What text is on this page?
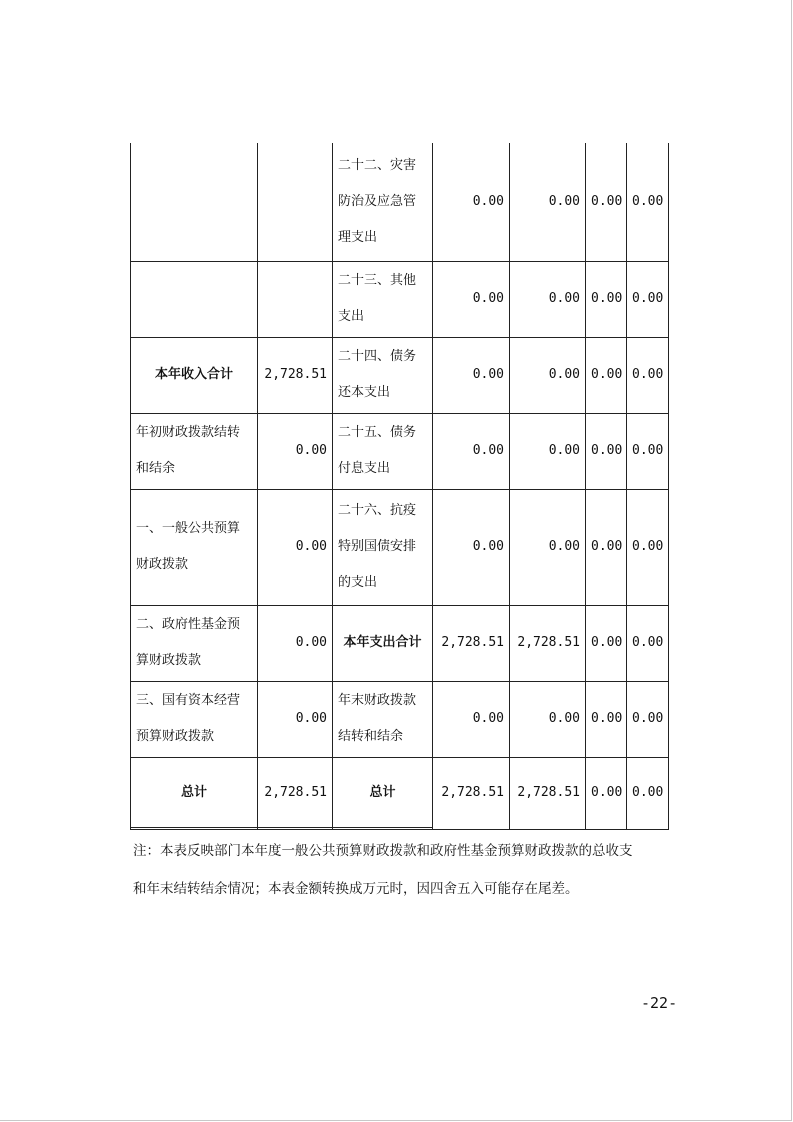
		二十二、灾害防治及应急管理支出	0.00	0.00	0.00	0.00
		二十三、其他支出	0.00	0.00	0.00	0.00
本年收入合计	2,728.51	二十四、债务还本支出	0.00	0.00	0.00	0.00
年初财政拨款结转和结余	0.00	二十五、债务付息支出	0.00	0.00	0.00	0.00
一、一般公共预算财政拨款	0.00	二十六、抗疫特别国债安排的支出	0.00	0.00	0.00	0.00
二、政府性基金预算财政拨款	0.00	本年支出合计	2,728.51	2,728.51	0.00	0.00
三、国有资本经营预算财政拨款	0.00	年末财政拨款结转和结余	0.00	0.00	0.00	0.00
总计	2,728.51	总计	2,728.51	2,728.51	0.00	0.00

注：本表反映部门本年度一般公共预算财政拨款和政府性基金预算财政拨款的总收支

和年末结转结余情况；本表金额转换成万元时，因四舍五入可能存在尾差。

-22-
